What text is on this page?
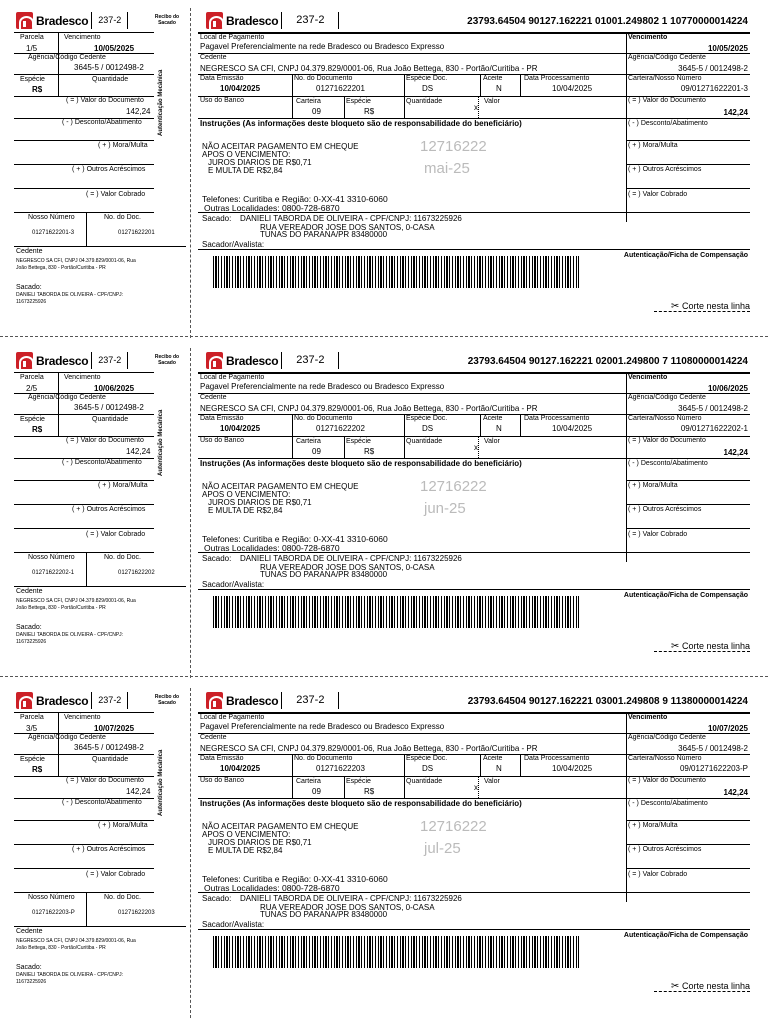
Bradesco	237-2	Recibo do Sacado
Autenticação Mecânica
Parcela	Vencimento
1/5	10/05/2025
Agência/Código Cedente
3645-5 / 0012498-2
Espécie
R$
Quantidade
( = ) Valor do Documento
142,24
( - ) Desconto/Abatimento
( + ) Mora/Multa
( + ) Outros Acréscimos
( = ) Valor Cobrado
Nosso Número	No. do Doc.
01271622201-3	01271622201
Cedente
NEGRESCO SA CFI, CNPJ 04.379.829/0001-06, Rua
João Bettega, 830 - Portão/Curitiba - PR
Sacado:
DANIELI TABORDA DE OLIVEIRA - CPF/CNPJ:
11673225926
Bradesco	237-2	23793.64504 90127.162221 01001.249802 1 10770000014224
Local de Pagamento
Pagavel Preferencialmente na rede Bradesco ou Bradesco Expresso
Vencimento
10/05/2025
Cedente
NEGRESCO SA CFI, CNPJ 04.379.829/0001-06, Rua João Bettega, 830 - Portão/Curitiba - PR
Agência/Código Cedente
3645-5 / 0012498-2
Data Emissão
10/04/2025
No. do Documento
01271622201
Espécie Doc.
DS
Aceite
N
Data Processamento
10/04/2025
Carteira/Nosso Número
09/01271622201-3
Uso do Banco	Carteira
09
Espécie
R$
Quantidade
x
Valor	( = ) Valor do Documento
142,24
Instruções (As informações deste bloqueto são de responsabilidade do beneficiário)	( - ) Desconto/Abatimento
( + ) Mora/Multa
( + ) Outros Acréscimos
( = ) Valor Cobrado
NÃO ACEITAR PAGAMENTO EM CHEQUE
APOS O VENCIMENTO:
JUROS DIARIOS DE R$0,71
E MULTA DE R$2,84
12716222
mai-25
Telefones: Curitiba e Região: 0-XX-41 3310-6060
Outras Localidades: 0800-728-6870
Sacado: DANIELI TABORDA DE OLIVEIRA - CPF/CNPJ: 11673225926
RUA VEREADOR JOSE DOS SANTOS, 0-CASA
TUNAS DO PARANA/PR 83480000
Sacador/Avalista:
Autenticação/Ficha de Compensação
✂ Corte nesta linha
Bradesco	237-2	Recibo do Sacado
Autenticação Mecânica
Parcela	Vencimento
2/5	10/06/2025
Agência/Código Cedente
3645-5 / 0012498-2
Espécie
R$
Quantidade
( = ) Valor do Documento
142,24
( - ) Desconto/Abatimento
( + ) Mora/Multa
( + ) Outros Acréscimos
( = ) Valor Cobrado
Nosso Número	No. do Doc.
01271622202-1	01271622202
Cedente
NEGRESCO SA CFI, CNPJ 04.379.829/0001-06, Rua
João Bettega, 830 - Portão/Curitiba - PR
Sacado:
DANIELI TABORDA DE OLIVEIRA - CPF/CNPJ:
11673225926
Bradesco	237-2	23793.64504 90127.162221 02001.249800 7 11080000014224
Local de Pagamento
Pagavel Preferencialmente na rede Bradesco ou Bradesco Expresso
Vencimento
10/06/2025
Cedente
NEGRESCO SA CFI, CNPJ 04.379.829/0001-06, Rua João Bettega, 830 - Portão/Curitiba - PR
Agência/Código Cedente
3645-5 / 0012498-2
Data Emissão
10/04/2025
No. do Documento
01271622202
Espécie Doc.
DS
Aceite
N
Data Processamento
10/04/2025
Carteira/Nosso Número
09/01271622202-1
Uso do Banco	Carteira
09
Espécie
R$
Quantidade
x
Valor	( = ) Valor do Documento
142,24
Instruções (As informações deste bloqueto são de responsabilidade do beneficiário)	( - ) Desconto/Abatimento
( + ) Mora/Multa
( + ) Outros Acréscimos
( = ) Valor Cobrado
NÃO ACEITAR PAGAMENTO EM CHEQUE
APOS O VENCIMENTO:
JUROS DIARIOS DE R$0,71
E MULTA DE R$2,84
12716222
jun-25
Telefones: Curitiba e Região: 0-XX-41 3310-6060
Outras Localidades: 0800-728-6870
Sacado: DANIELI TABORDA DE OLIVEIRA - CPF/CNPJ: 11673225926
RUA VEREADOR JOSE DOS SANTOS, 0-CASA
TUNAS DO PARANA/PR 83480000
Sacador/Avalista:
Autenticação/Ficha de Compensação
✂ Corte nesta linha
Bradesco	237-2	Recibo do Sacado
Autenticação Mecânica
Parcela	Vencimento
3/5	10/07/2025
Agência/Código Cedente
3645-5 / 0012498-2
Espécie
R$
Quantidade
( = ) Valor do Documento
142,24
( - ) Desconto/Abatimento
( + ) Mora/Multa
( + ) Outros Acréscimos
( = ) Valor Cobrado
Nosso Número	No. do Doc.
01271622203-P	01271622203
Cedente
NEGRESCO SA CFI, CNPJ 04.379.829/0001-06, Rua
João Bettega, 830 - Portão/Curitiba - PR
Sacado:
DANIELI TABORDA DE OLIVEIRA - CPF/CNPJ:
11673225926
Bradesco	237-2	23793.64504 90127.162221 03001.249808 9 11380000014224
Local de Pagamento
Pagavel Preferencialmente na rede Bradesco ou Bradesco Expresso
Vencimento
10/07/2025
Cedente
NEGRESCO SA CFI, CNPJ 04.379.829/0001-06, Rua João Bettega, 830 - Portão/Curitiba - PR
Agência/Código Cedente
3645-5 / 0012498-2
Data Emissão
10/04/2025
No. do Documento
01271622203
Espécie Doc.
DS
Aceite
N
Data Processamento
10/04/2025
Carteira/Nosso Número
09/01271622203-P
Uso do Banco	Carteira
09
Espécie
R$
Quantidade
x
Valor	( = ) Valor do Documento
142,24
Instruções (As informações deste bloqueto são de responsabilidade do beneficiário)	( - ) Desconto/Abatimento
( + ) Mora/Multa
( + ) Outros Acréscimos
( = ) Valor Cobrado
NÃO ACEITAR PAGAMENTO EM CHEQUE
APOS O VENCIMENTO:
JUROS DIARIOS DE R$0,71
E MULTA DE R$2,84
12716222
jul-25
Telefones: Curitiba e Região: 0-XX-41 3310-6060
Outras Localidades: 0800-728-6870
Sacado: DANIELI TABORDA DE OLIVEIRA - CPF/CNPJ: 11673225926
RUA VEREADOR JOSE DOS SANTOS, 0-CASA
TUNAS DO PARANA/PR 83480000
Sacador/Avalista:
Autenticação/Ficha de Compensação
✂ Corte nesta linha
